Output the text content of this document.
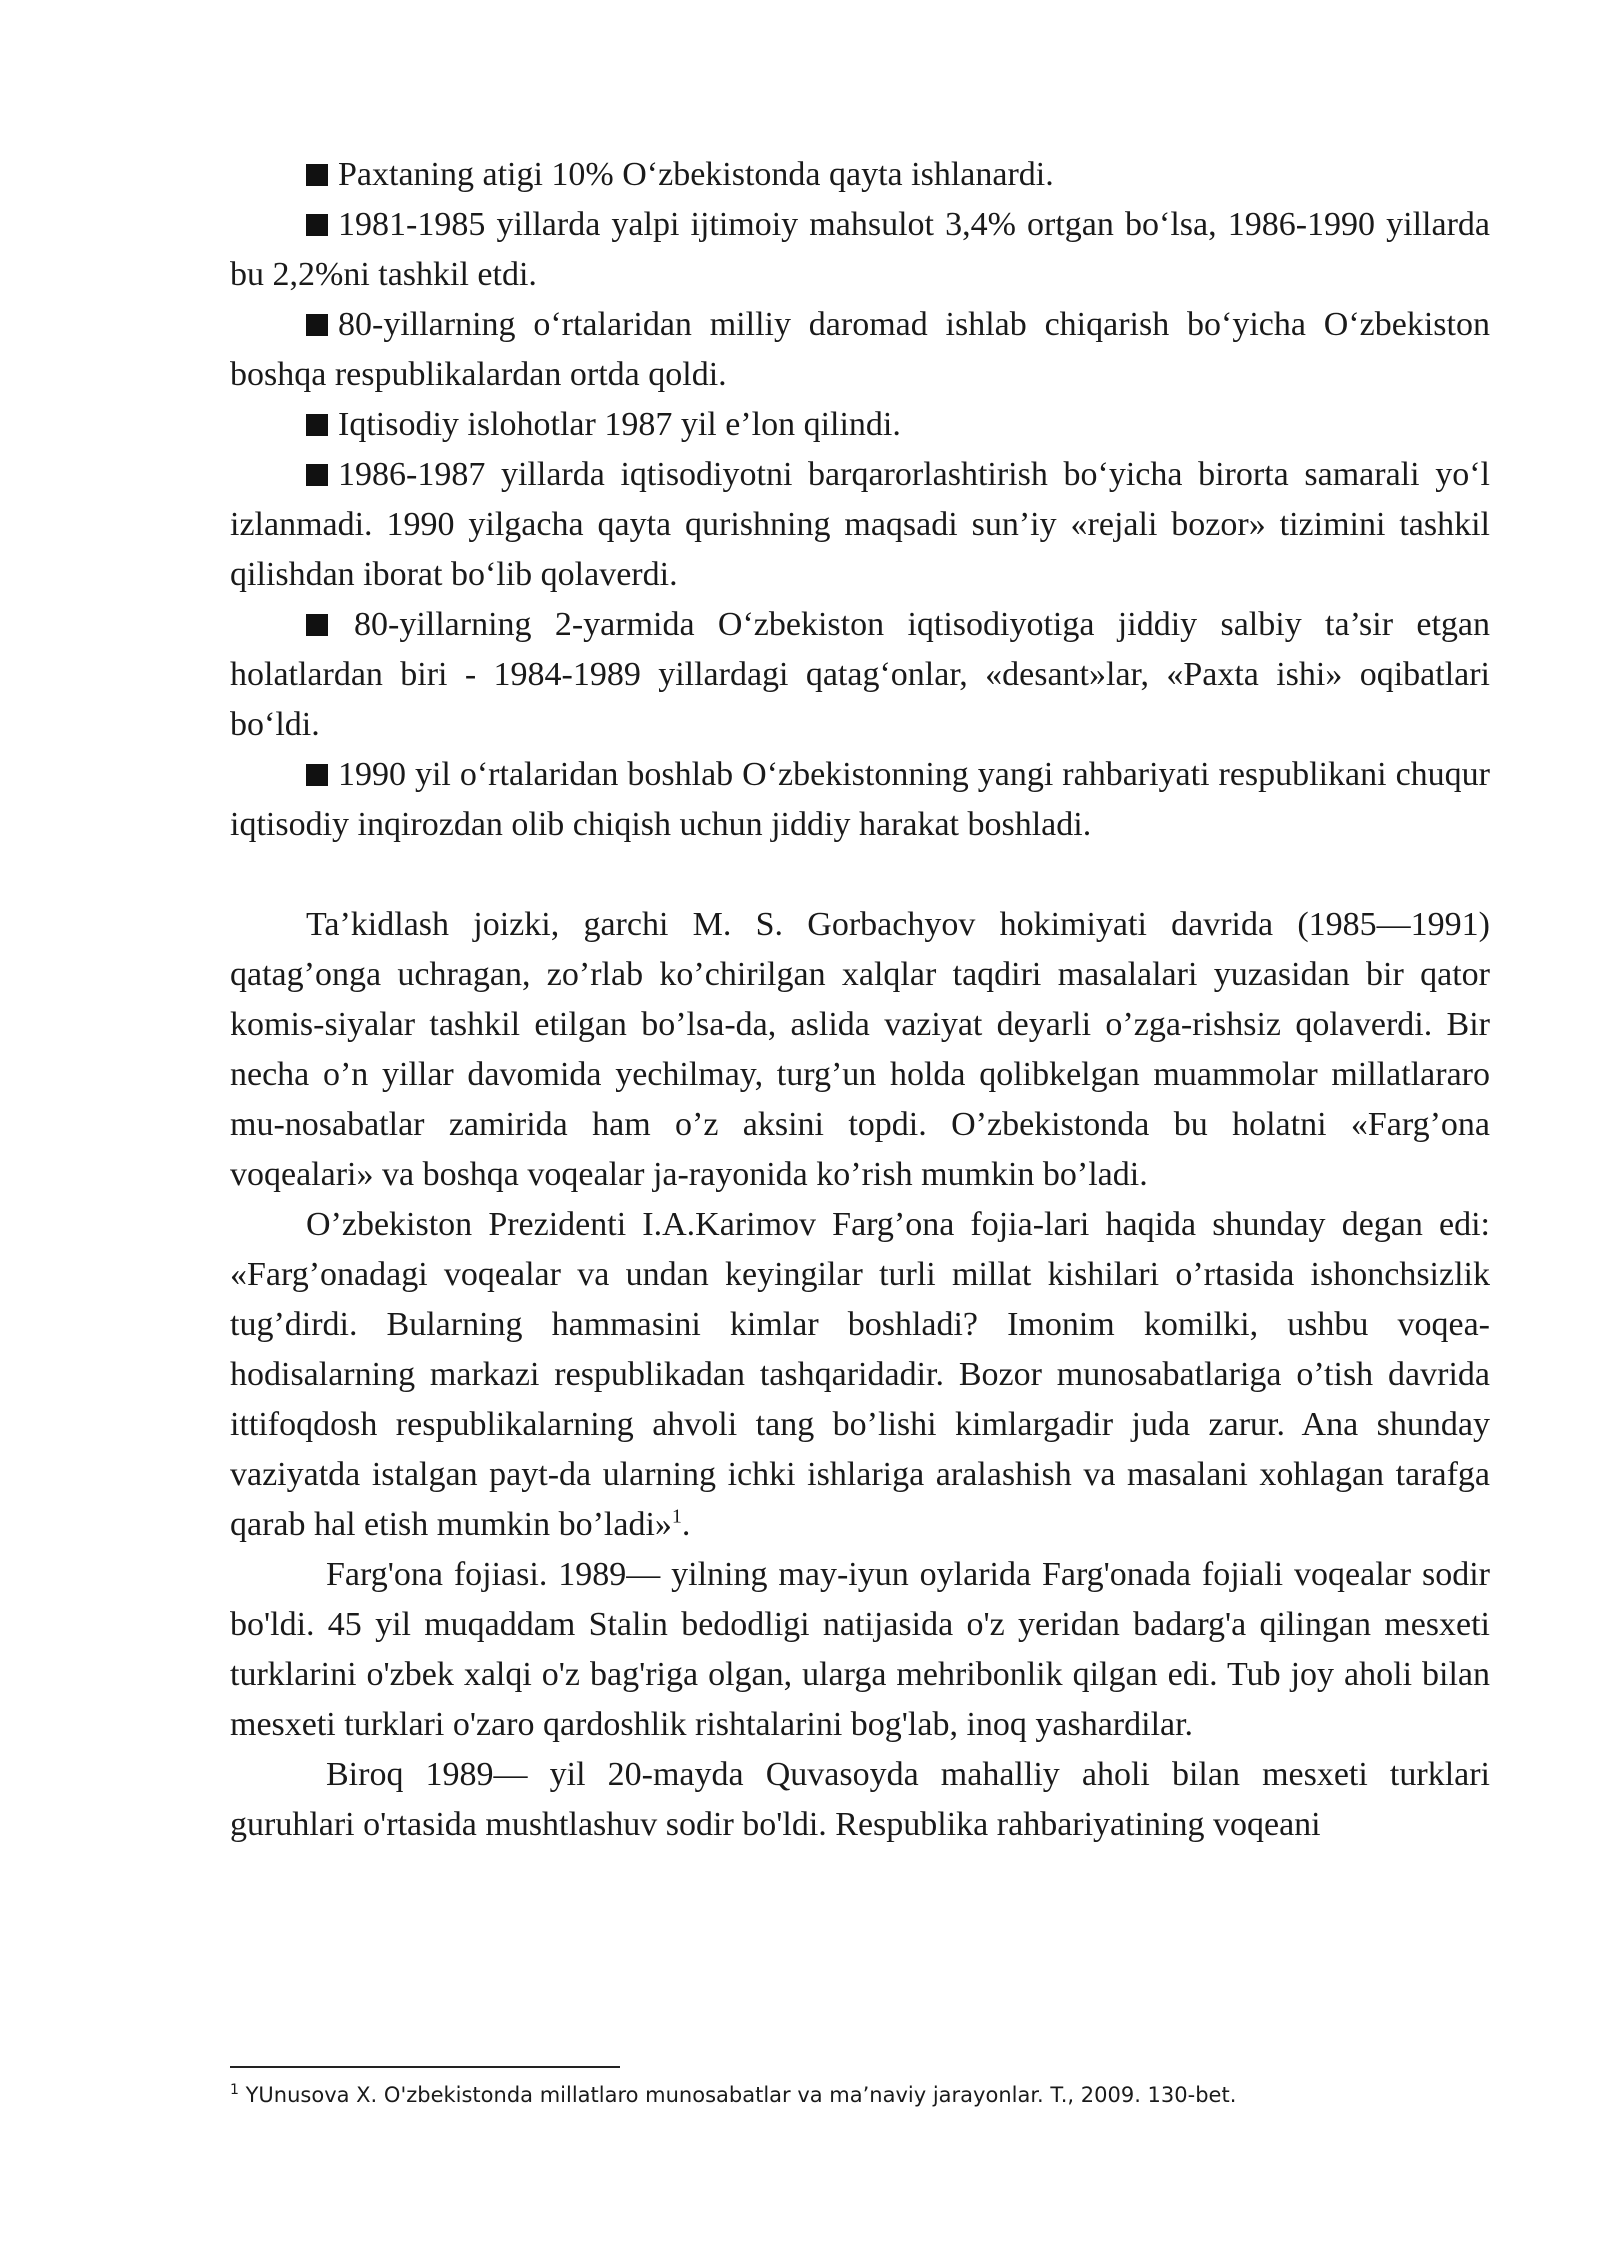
Paxtaning atigi 10% O‘zbekistonda qayta ishlanardi.

1981-1985 yillarda yalpi ijtimoiy mahsulot 3,4% ortgan bo‘lsa, 1986-1990 yillarda bu 2,2%ni tashkil etdi.

80-yillarning o‘rtalaridan milliy daromad ishlab chiqarish bo‘yicha O‘zbekiston boshqa respublikalardan ortda qoldi.

Iqtisodiy islohotlar 1987 yil e’lon qilindi.

1986-1987 yillarda iqtisodiyotni barqarorlashtirish bo‘yicha birorta samarali yo‘l izlanmadi. 1990 yilgacha qayta qurishning maqsadi sun’iy «rejali bozor» tizimini tashkil qilishdan iborat bo‘lib qolaverdi.

80-yillarning 2-yarmida O‘zbekiston iqtisodiyotiga jiddiy salbiy ta’sir etgan holatlardan biri - 1984-1989 yillardagi qatag‘onlar, «desant»lar, «Paxta ishi» oqibatlari bo‘ldi.

1990 yil o‘rtalaridan boshlab O‘zbekistonning yangi rahbariyati respublikani chuqur iqtisodiy inqirozdan olib chiqish uchun jiddiy harakat boshladi.

Ta’kidlash joizki, garchi M. S. Gorbachyov hokimiyati davrida (1985—1991) qatag’onga uchragan, zo’rlab ko’chirilgan xalqlar taqdiri masalalari yuzasidan bir qator komis-siyalar tashkil etilgan bo’lsa-da, aslida vaziyat deyarli o’zga-rishsiz qolaverdi. Bir necha o’n yillar davomida yechilmay, turg’un holda qolibkelgan muammolar millatlararo mu-nosabatlar zamirida ham o’z aksini topdi. O’zbekistonda bu holatni «Farg’ona voqealari» va boshqa voqealar ja-rayonida ko’rish mumkin bo’ladi.

O’zbekiston Prezidenti I.A.Karimov Farg’ona fojia-lari haqida shunday degan edi: «Farg’onadagi voqealar va undan keyingilar turli millat kishilari o’rtasida ishonchsizlik tug’dirdi. Bularning hammasini kimlar boshladi? Imonim komilki, ushbu voqea-hodisalarning markazi respublikadan tashqaridadir. Bozor munosabatlariga o’tish davrida ittifoqdosh respublikalarning ahvoli tang bo’lishi kimlargadir juda zarur. Ana shunday vaziyatda istalgan payt-da ularning ichki ishlariga aralashish va masalani xohlagan tarafga qarab hal etish mumkin bo’ladi»$^1$.

Farg'ona fojiasi. 1989— yilning may-iyun oylarida Farg'onada fojiali voqealar sodir bo'ldi. 45 yil muqaddam Stalin bedodligi natijasida o'z yeridan badarg'a qilingan mesxeti turklarini o'zbek xalqi o'z bag'riga olgan, ularga mehribonlik qilgan edi. Tub joy aholi bilan mesxeti turklari o'zaro qardoshlik rishtalarini bog'lab, inoq yashardilar.

Biroq 1989— yil 20-mayda Quvasoyda mahalliy aholi bilan mesxeti turklari guruhlari o'rtasida mushtlashuv sodir bo'ldi. Respublika rahbariyatining voqeani

$^1$ YUnusova X. O'zbekistonda millatlaro munosabatlar va ma’naviy jarayonlar. T., 2009. 130-bet.
